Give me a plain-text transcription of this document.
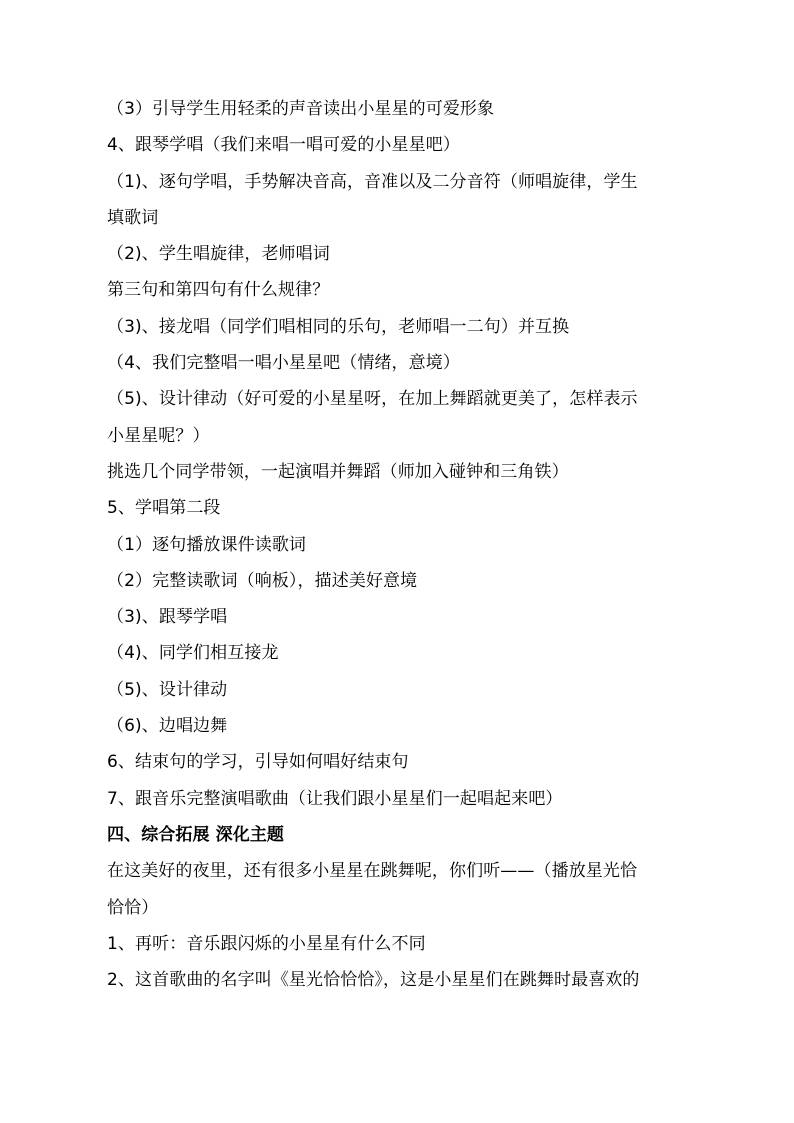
（3）引导学生用轻柔的声音读出小星星的可爱形象

4、跟琴学唱（我们来唱一唱可爱的小星星吧）

（1)、逐句学唱，手势解决音高，音准以及二分音符（师唱旋律，学生

填歌词

（2)、学生唱旋律，老师唱词

第三句和第四句有什么规律？

（3)、接龙唱（同学们唱相同的乐句，老师唱一二句）并互换

（4、我们完整唱一唱小星星吧（情绪，意境）

（5)、设计律动（好可爱的小星星呀，在加上舞蹈就更美了，怎样表示

小星星呢？）

挑选几个同学带领，一起演唱并舞蹈（师加入碰钟和三角铁）

5、学唱第二段

（1）逐句播放课件读歌词

（2）完整读歌词（响板），描述美好意境

（3)、跟琴学唱

（4)、同学们相互接龙

（5)、设计律动

（6)、边唱边舞

6、结束句的学习，引导如何唱好结束句

7、跟音乐完整演唱歌曲（让我们跟小星星们一起唱起来吧）

四、综合拓展 深化主题

在这美好的夜里，还有很多小星星在跳舞呢，你们听——（播放星光恰

恰恰）

1、再听：音乐跟闪烁的小星星有什么不同

2、这首歌曲的名字叫《星光恰恰恰》，这是小星星们在跳舞时最喜欢的
